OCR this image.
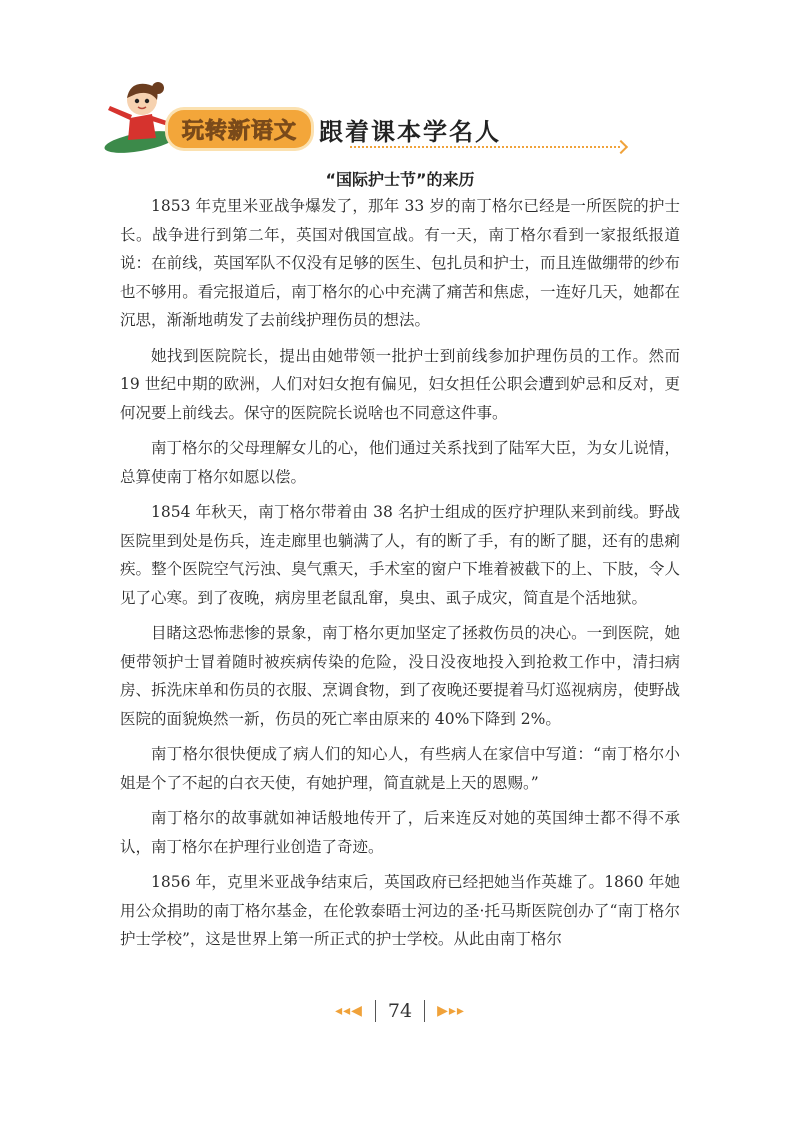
玩转新语文 跟着课本学名人
“国际护士节”的来历

1853 年克里米亚战争爆发了，那年 33 岁的南丁格尔已经是一所医院的护士长。战争进行到第二年，英国对俄国宣战。有一天，南丁格尔看到一家报纸报道说：在前线，英国军队不仅没有足够的医生、包扎员和护士，而且连做绷带的纱布也不够用。看完报道后，南丁格尔的心中充满了痛苦和焦虑，一连好几天，她都在沉思，渐渐地萌发了去前线护理伤员的想法。

她找到医院院长，提出由她带领一批护士到前线参加护理伤员的工作。然而 19 世纪中期的欧洲，人们对妇女抱有偏见，妇女担任公职会遭到妒忌和反对，更何况要上前线去。保守的医院院长说啥也不同意这件事。

南丁格尔的父母理解女儿的心，他们通过关系找到了陆军大臣，为女儿说情，总算使南丁格尔如愿以偿。

1854 年秋天，南丁格尔带着由 38 名护士组成的医疗护理队来到前线。野战医院里到处是伤兵，连走廊里也躺满了人，有的断了手，有的断了腿，还有的患痢疾。整个医院空气污浊、臭气熏天，手术室的窗户下堆着被截下的上、下肢，令人见了心寒。到了夜晚，病房里老鼠乱窜，臭虫、虱子成灾，简直是个活地狱。

目睹这恐怖悲惨的景象，南丁格尔更加坚定了拯救伤员的决心。一到医院，她便带领护士冒着随时被疾病传染的危险，没日没夜地投入到抢救工作中，清扫病房、拆洗床单和伤员的衣服、烹调食物，到了夜晚还要提着马灯巡视病房，使野战医院的面貌焕然一新，伤员的死亡率由原来的 40%下降到 2%。

南丁格尔很快便成了病人们的知心人，有些病人在家信中写道：“南丁格尔小姐是个了不起的白衣天使，有她护理，简直就是上天的恩赐。”

南丁格尔的故事就如神话般地传开了，后来连反对她的英国绅士都不得不承认，南丁格尔在护理行业创造了奇迹。

1856 年，克里米亚战争结束后，英国政府已经把她当作英雄了。1860 年她用公众捐助的南丁格尔基金，在伦敦泰晤士河边的圣·托马斯医院创办了“南丁格尔护士学校”，这是世界上第一所正式的护士学校。从此由南丁格尔

◂◂◀ 74 ▶▸▸
